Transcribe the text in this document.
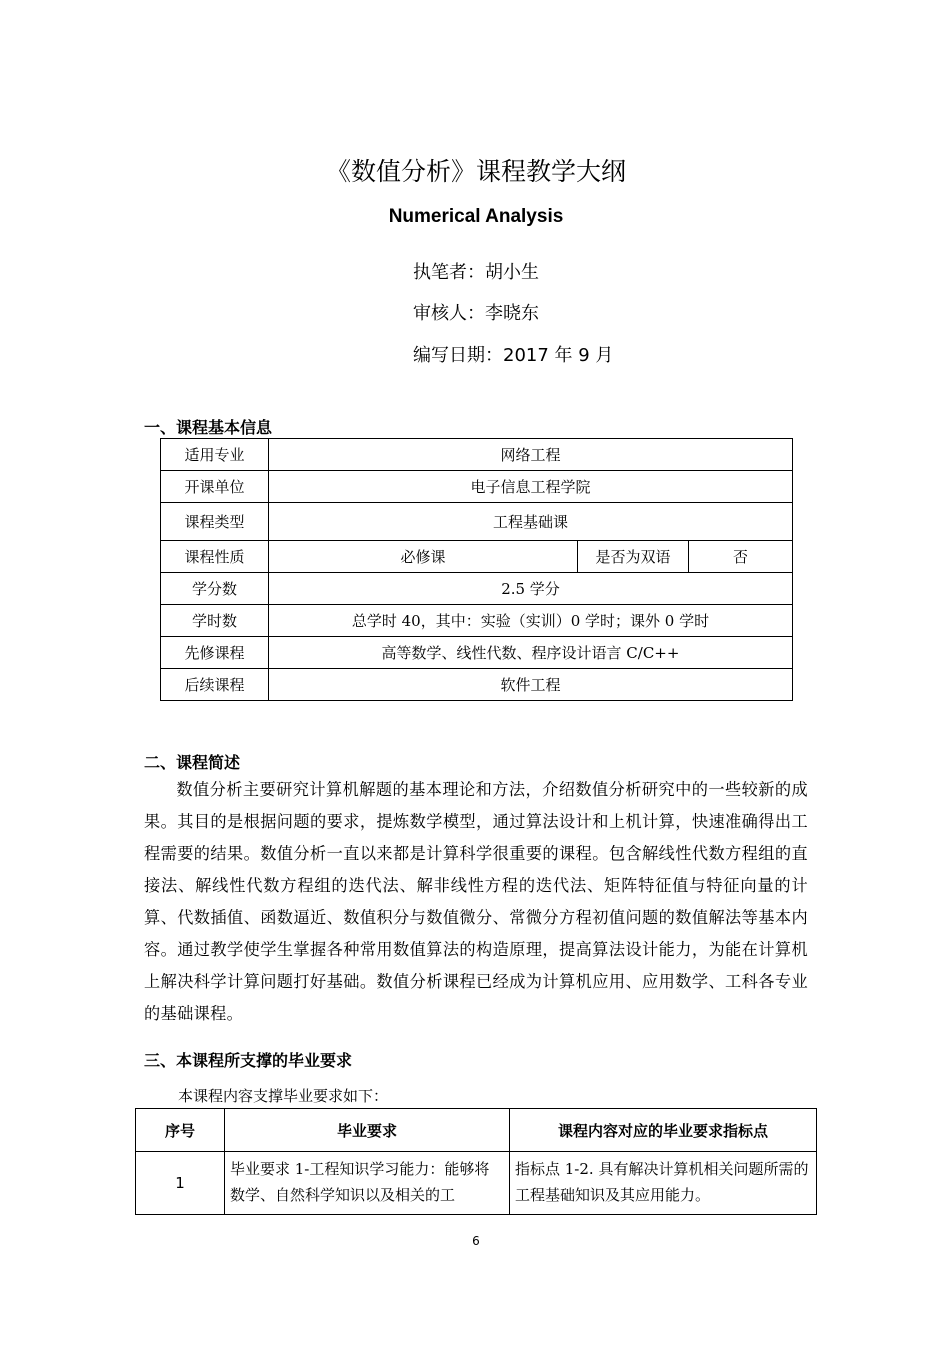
《数值分析》课程教学大纲
Numerical Analysis
执笔者：胡小生
审核人：李晓东
编写日期：2017 年 9 月
一、课程基本信息
适用专业	网络工程		
开课单位	电子信息工程学院		
课程类型	工程基础课		
课程性质	必修课	是否为双语	否
学分数	2.5 学分		
学时数	总学时 40，其中：实验（实训）0 学时；课外 0 学时		
先修课程	高等数学、线性代数、程序设计语言 C/C++		
后续课程	软件工程		
二、课程简述
数值分析主要研究计算机解题的基本理论和方法，介绍数值分析研究中的一些较新的成果。其目的是根据问题的要求，提炼数学模型，通过算法设计和上机计算，快速准确得出工程需要的结果。数值分析一直以来都是计算科学很重要的课程。包含解线性代数方程组的直接法、解线性代数方程组的迭代法、解非线性方程的迭代法、矩阵特征值与特征向量的计算、代数插值、函数逼近、数值积分与数值微分、常微分方程初值问题的数值解法等基本内容。通过教学使学生掌握各种常用数值算法的构造原理，提高算法设计能力，为能在计算机上解决科学计算问题打好基础。数值分析课程已经成为计算机应用、应用数学、工科各专业的基础课程。
三、本课程所支撑的毕业要求
本课程内容支撑毕业要求如下：
序号	毕业要求	课程内容对应的毕业要求指标点
1	毕业要求 1-工程知识学习能力：能够将数学、自然科学知识以及相关的工	指标点 1-2. 具有解决计算机相关问题所需的工程基础知识及其应用能力。
6
